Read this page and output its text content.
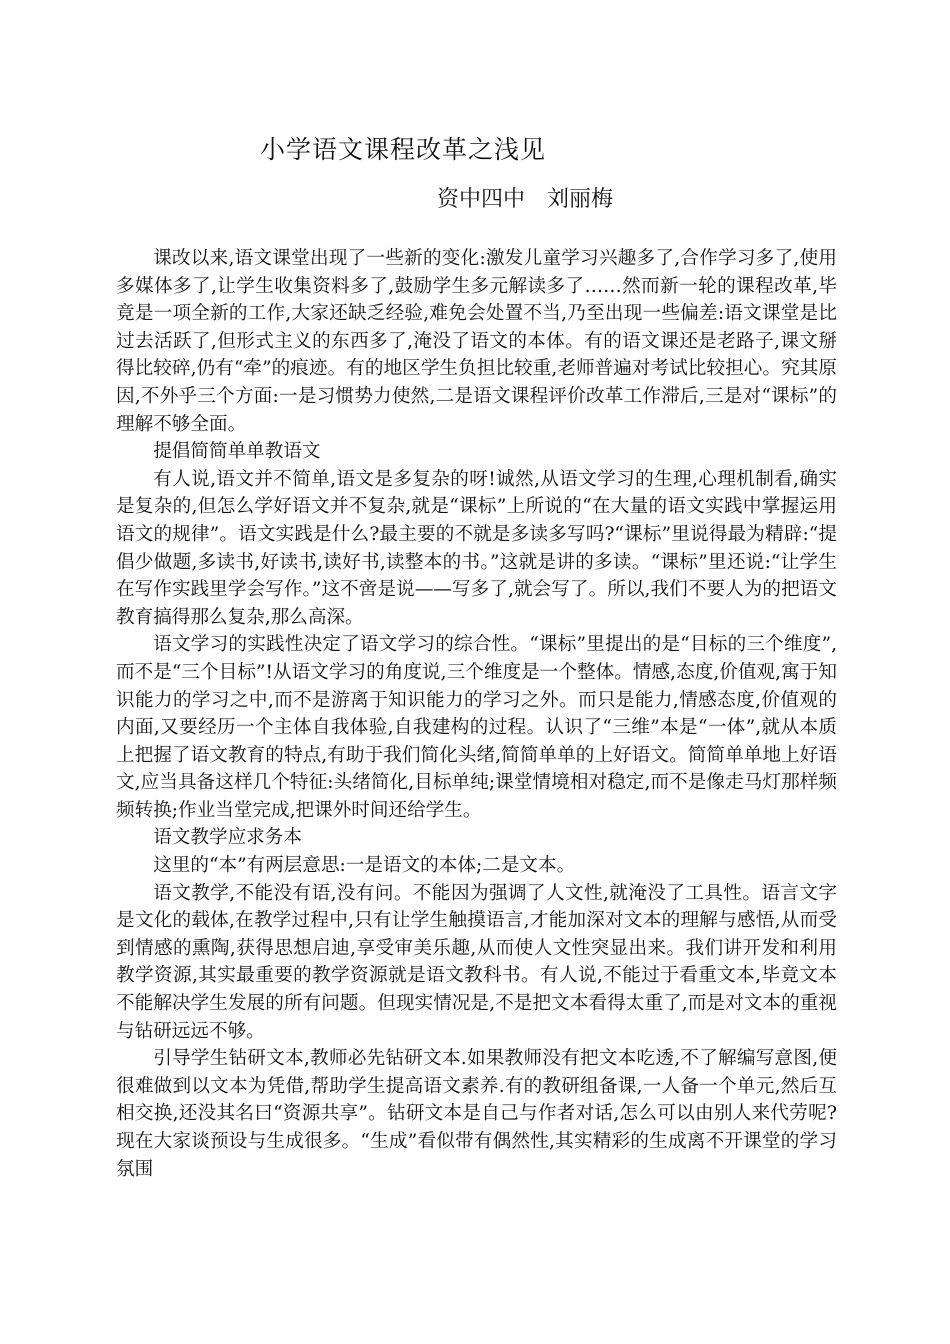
小学语文课程改革之浅见
资中四中　刘丽梅

课改以来,语文课堂出现了一些新的变化:激发儿童学习兴趣多了,合作学习多了,使用多媒体多了,让学生收集资料多了,鼓励学生多元解读多了……然而新一轮的课程改革,毕竟是一项全新的工作,大家还缺乏经验,难免会处置不当,乃至出现一些偏差:语文课堂是比过去活跃了,但形式主义的东西多了,淹没了语文的本体。有的语文课还是老路子,课文掰得比较碎,仍有“牵”的痕迹。有的地区学生负担比较重,老师普遍对考试比较担心。究其原因,不外乎三个方面:一是习惯势力使然,二是语文课程评价改革工作滞后,三是对“课标”的理解不够全面。

提倡简简单单教语文

有人说,语文并不简单,语文是多复杂的呀!诚然,从语文学习的生理,心理机制看,确实是复杂的,但怎么学好语文并不复杂,就是“课标”上所说的“在大量的语文实践中掌握运用语文的规律”。语文实践是什么?最主要的不就是多读多写吗?“课标”里说得最为精辟:“提倡少做题,多读书,好读书,读好书,读整本的书。”这就是讲的多读。“课标”里还说:“让学生在写作实践里学会写作。”这不啻是说——写多了,就会写了。所以,我们不要人为的把语文教育搞得那么复杂,那么高深。

语文学习的实践性决定了语文学习的综合性。“课标”里提出的是“目标的三个维度”,而不是“三个目标”!从语文学习的角度说,三个维度是一个整体。情感,态度,价值观,寓于知识能力的学习之中,而不是游离于知识能力的学习之外。而只是能力,情感态度,价值观的内面,又要经历一个主体自我体验,自我建构的过程。认识了“三维”本是“一体”,就从本质上把握了语文教育的特点,有助于我们简化头绪,简简单单的上好语文。简简单单地上好语文,应当具备这样几个特征:头绪简化,目标单纯;课堂情境相对稳定,而不是像走马灯那样频频转换;作业当堂完成,把课外时间还给学生。

语文教学应求务本

这里的“本”有两层意思:一是语文的本体;二是文本。

语文教学,不能没有语,没有问。不能因为强调了人文性,就淹没了工具性。语言文字是文化的载体,在教学过程中,只有让学生触摸语言,才能加深对文本的理解与感悟,从而受到情感的熏陶,获得思想启迪,享受审美乐趣,从而使人文性突显出来。我们讲开发和利用教学资源,其实最重要的教学资源就是语文教科书。有人说,不能过于看重文本,毕竟文本不能解决学生发展的所有问题。但现实情况是,不是把文本看得太重了,而是对文本的重视与钻研远远不够。

引导学生钻研文本,教师必先钻研文本.如果教师没有把文本吃透,不了解编写意图,便很难做到以文本为凭借,帮助学生提高语文素养.有的教研组备课,一人备一个单元,然后互相交换,还没其名曰“资源共享”。钻研文本是自己与作者对话,怎么可以由别人来代劳呢?现在大家谈预设与生成很多。“生成”看似带有偶然性,其实精彩的生成离不开课堂的学习氛围
